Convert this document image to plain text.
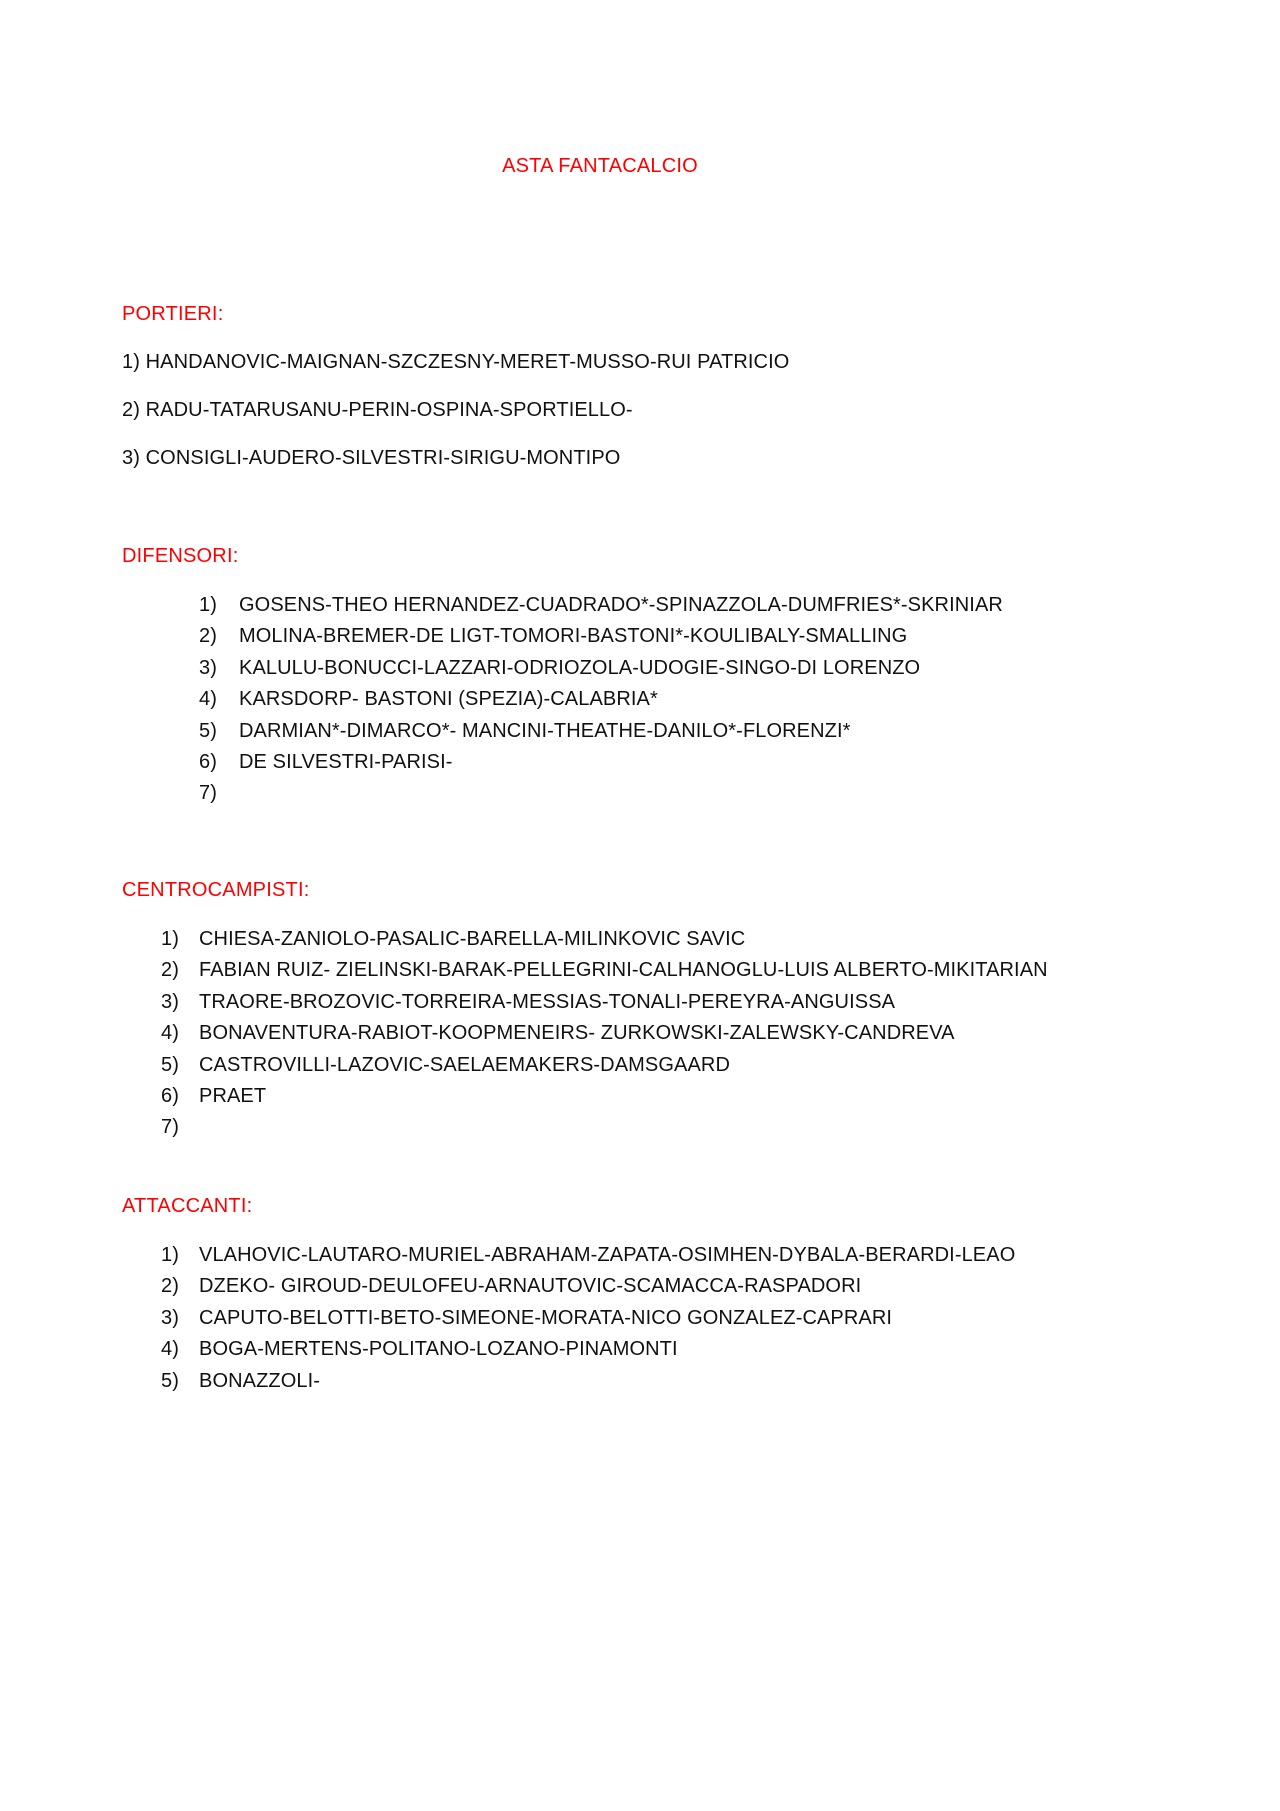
ASTA FANTACALCIO
PORTIERI:
1) HANDANOVIC-MAIGNAN-SZCZESNY-MERET-MUSSO-RUI PATRICIO
2) RADU-TATARUSANU-PERIN-OSPINA-SPORTIELLO-
3) CONSIGLI-AUDERO-SILVESTRI-SIRIGU-MONTIPO
DIFENSORI:
1) GOSENS-THEO HERNANDEZ-CUADRADO*-SPINAZZOLA-DUMFRIES*-SKRINIAR
2) MOLINA-BREMER-DE LIGT-TOMORI-BASTONI*-KOULIBALY-SMALLING
3) KALULU-BONUCCI-LAZZARI-ODRIOZOLA-UDOGIE-SINGO-DI LORENZO
4) KARSDORP- BASTONI (SPEZIA)-CALABRIA*
5) DARMIAN*-DIMARCO*- MANCINI-THEATHE-DANILO*-FLORENZI*
6) DE SILVESTRI-PARISI-
7)
CENTROCAMPISTI:
1) CHIESA-ZANIOLO-PASALIC-BARELLA-MILINKOVIC SAVIC
2) FABIAN RUIZ- ZIELINSKI-BARAK-PELLEGRINI-CALHANOGLU-LUIS ALBERTO-MIKITARIAN
3) TRAORE-BROZOVIC-TORREIRA-MESSIAS-TONALI-PEREYRA-ANGUISSA
4) BONAVENTURA-RABIOT-KOOPMENEIRS- ZURKOWSKI-ZALEWSKY-CANDREVA
5) CASTROVILLI-LAZOVIC-SAELAEMAKERS-DAMSGAARD
6) PRAET
7)
ATTACCANTI:
1) VLAHOVIC-LAUTARO-MURIEL-ABRAHAM-ZAPATA-OSIMHEN-DYBALA-BERARDI-LEAO
2) DZEKO- GIROUD-DEULOFEU-ARNAUTOVIC-SCAMACCA-RASPADORI
3) CAPUTO-BELOTTI-BETO-SIMEONE-MORATA-NICO GONZALEZ-CAPRARI
4) BOGA-MERTENS-POLITANO-LOZANO-PINAMONTI
5) BONAZZOLI-
